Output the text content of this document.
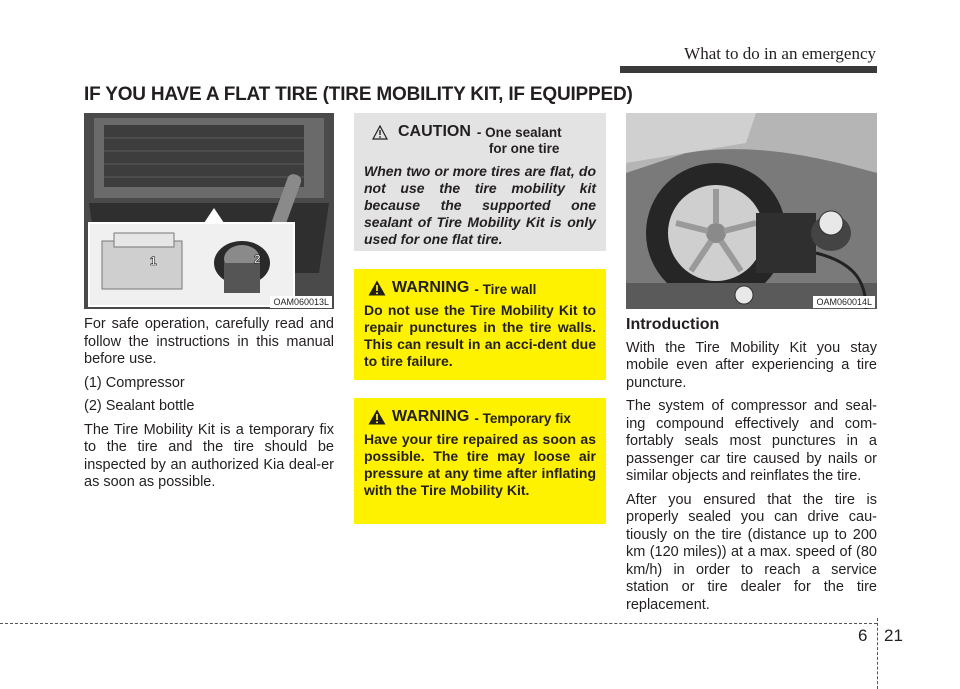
What to do in an emergency
IF YOU HAVE A FLAT TIRE (TIRE MOBILITY KIT, IF EQUIPPED)
1	2
OAM060013L	OAM060014L

For safe operation, carefully read and follow the instructions in this manual before use.

(1) Compressor

(2) Sealant bottle

The Tire Mobility Kit is a temporary fix to the tire and the tire should be inspected by an authorized Kia deal-er as soon as possible.

CAUTION - One sealant
for one tire

When two or more tires are flat, do not use the tire mobility kit because the supported one sealant of Tire Mobility Kit is only used for one flat tire.

WARNING - Tire wall

Do not use the Tire Mobility Kit to repair punctures in the tire walls. This can result in an acci-dent due to tire failure.

WARNING - Temporary fix

Have your tire repaired as soon as possible. The tire may loose air pressure at any time after inflating with the Tire Mobility Kit.

Introduction

With the Tire Mobility Kit you stay mobile even after experiencing a tire puncture.

The system of compressor and seal-ing compound effectively and com-fortably seals most punctures in a passenger car tire caused by nails or similar objects and reinflates the tire.

After you ensured that the tire is properly sealed you can drive cau-tiously on the tire (distance up to 200 km (120 miles)) at a max. speed of (80 km/h) in order to reach a service station or tire dealer for the tire replacement.

6 21
